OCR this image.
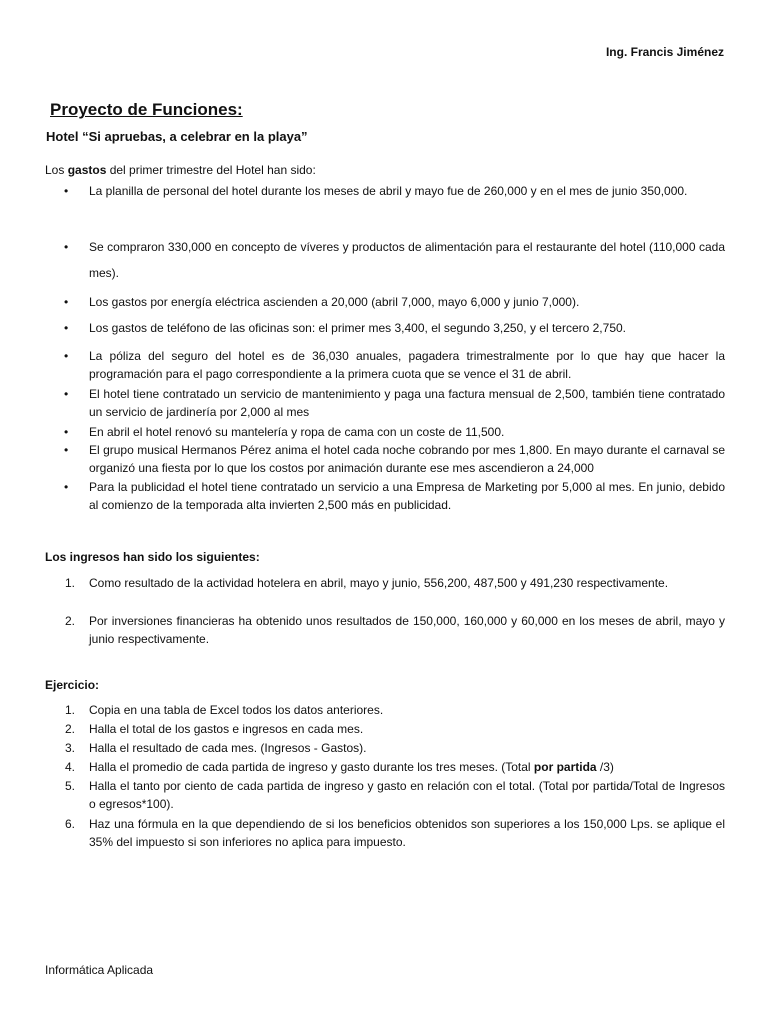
Ing. Francis Jiménez
Proyecto de Funciones:
Hotel “Si apruebas, a celebrar en la playa”

Los gastos del primer trimestre del Hotel han sido:

• La planilla de personal del hotel durante los meses de abril y mayo fue de 260,000 y en el mes de junio 350,000.
• Se compraron 330,000 en concepto de víveres y productos de alimentación para el restaurante del hotel (110,000 cada mes).
• Los gastos por energía eléctrica ascienden a 20,000 (abril 7,000, mayo 6,000 y junio 7,000).
• Los gastos de teléfono de las oficinas son: el primer mes 3,400, el segundo 3,250, y el tercero 2,750.
• La póliza del seguro del hotel es de 36,030 anuales, pagadera trimestralmente por lo que hay que hacer la programación para el pago correspondiente a la primera cuota que se vence el 31 de abril.
• El hotel tiene contratado un servicio de mantenimiento y paga una factura mensual de 2,500, también tiene contratado un servicio de jardinería por 2,000 al mes
• En abril el hotel renovó su mantelería y ropa de cama con un coste de 11,500.
• El grupo musical Hermanos Pérez anima el hotel cada noche cobrando por mes 1,800. En mayo durante el carnaval se organizó una fiesta por lo que los costos por animación durante ese mes ascendieron a 24,000
• Para la publicidad el hotel tiene contratado un servicio a una Empresa de Marketing por 5,000 al mes. En junio, debido al comienzo de la temporada alta invierten 2,500 más en publicidad.
Los ingresos han sido los siguientes:
1.	Como resultado de la actividad hotelera en abril, mayo y junio, 556,200, 487,500 y 491,230 respectivamente.
2.	Por inversiones financieras ha obtenido unos resultados de 150,000, 160,000 y 60,000 en los meses de abril, mayo y junio respectivamente.
Ejercicio:
1.	Copia en una tabla de Excel todos los datos anteriores.
2.	Halla el total de los gastos e ingresos en cada mes.
3.	Halla el resultado de cada mes. (Ingresos - Gastos).
4.	Halla el promedio de cada partida de ingreso y gasto durante los tres meses. (Total por partida /3)
5.	Halla el tanto por ciento de cada partida de ingreso y gasto en relación con el total. (Total por partida/Total de Ingresos o egresos*100).
6.	Haz una fórmula en la que dependiendo de si los beneficios obtenidos son superiores a los 150,000 Lps. se aplique el 35% del impuesto si son inferiores no aplica para impuesto.
Informática Aplicada
